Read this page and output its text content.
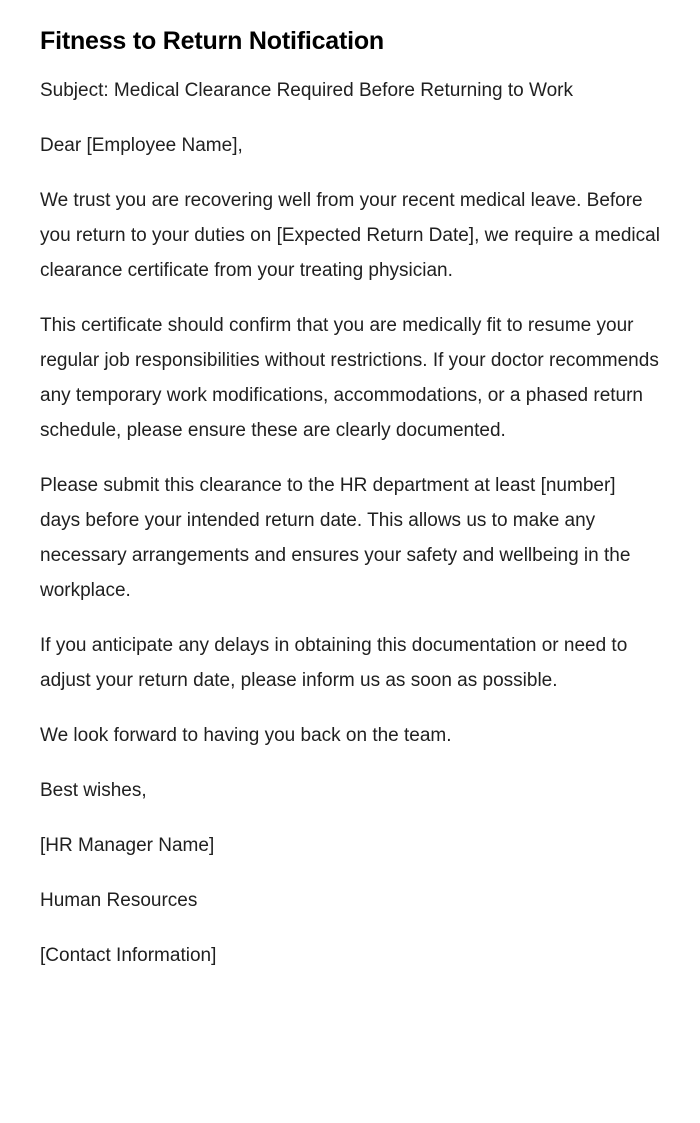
Fitness to Return Notification

Subject: Medical Clearance Required Before Returning to Work

Dear [Employee Name],

We trust you are recovering well from your recent medical leave. Before you return to your duties on [Expected Return Date], we require a medical clearance certificate from your treating physician.

This certificate should confirm that you are medically fit to resume your regular job responsibilities without restrictions. If your doctor recommends any temporary work modifications, accommodations, or a phased return schedule, please ensure these are clearly documented.

Please submit this clearance to the HR department at least [number] days before your intended return date. This allows us to make any necessary arrangements and ensures your safety and wellbeing in the workplace.

If you anticipate any delays in obtaining this documentation or need to adjust your return date, please inform us as soon as possible.

We look forward to having you back on the team.

Best wishes,

[HR Manager Name]

Human Resources

[Contact Information]
